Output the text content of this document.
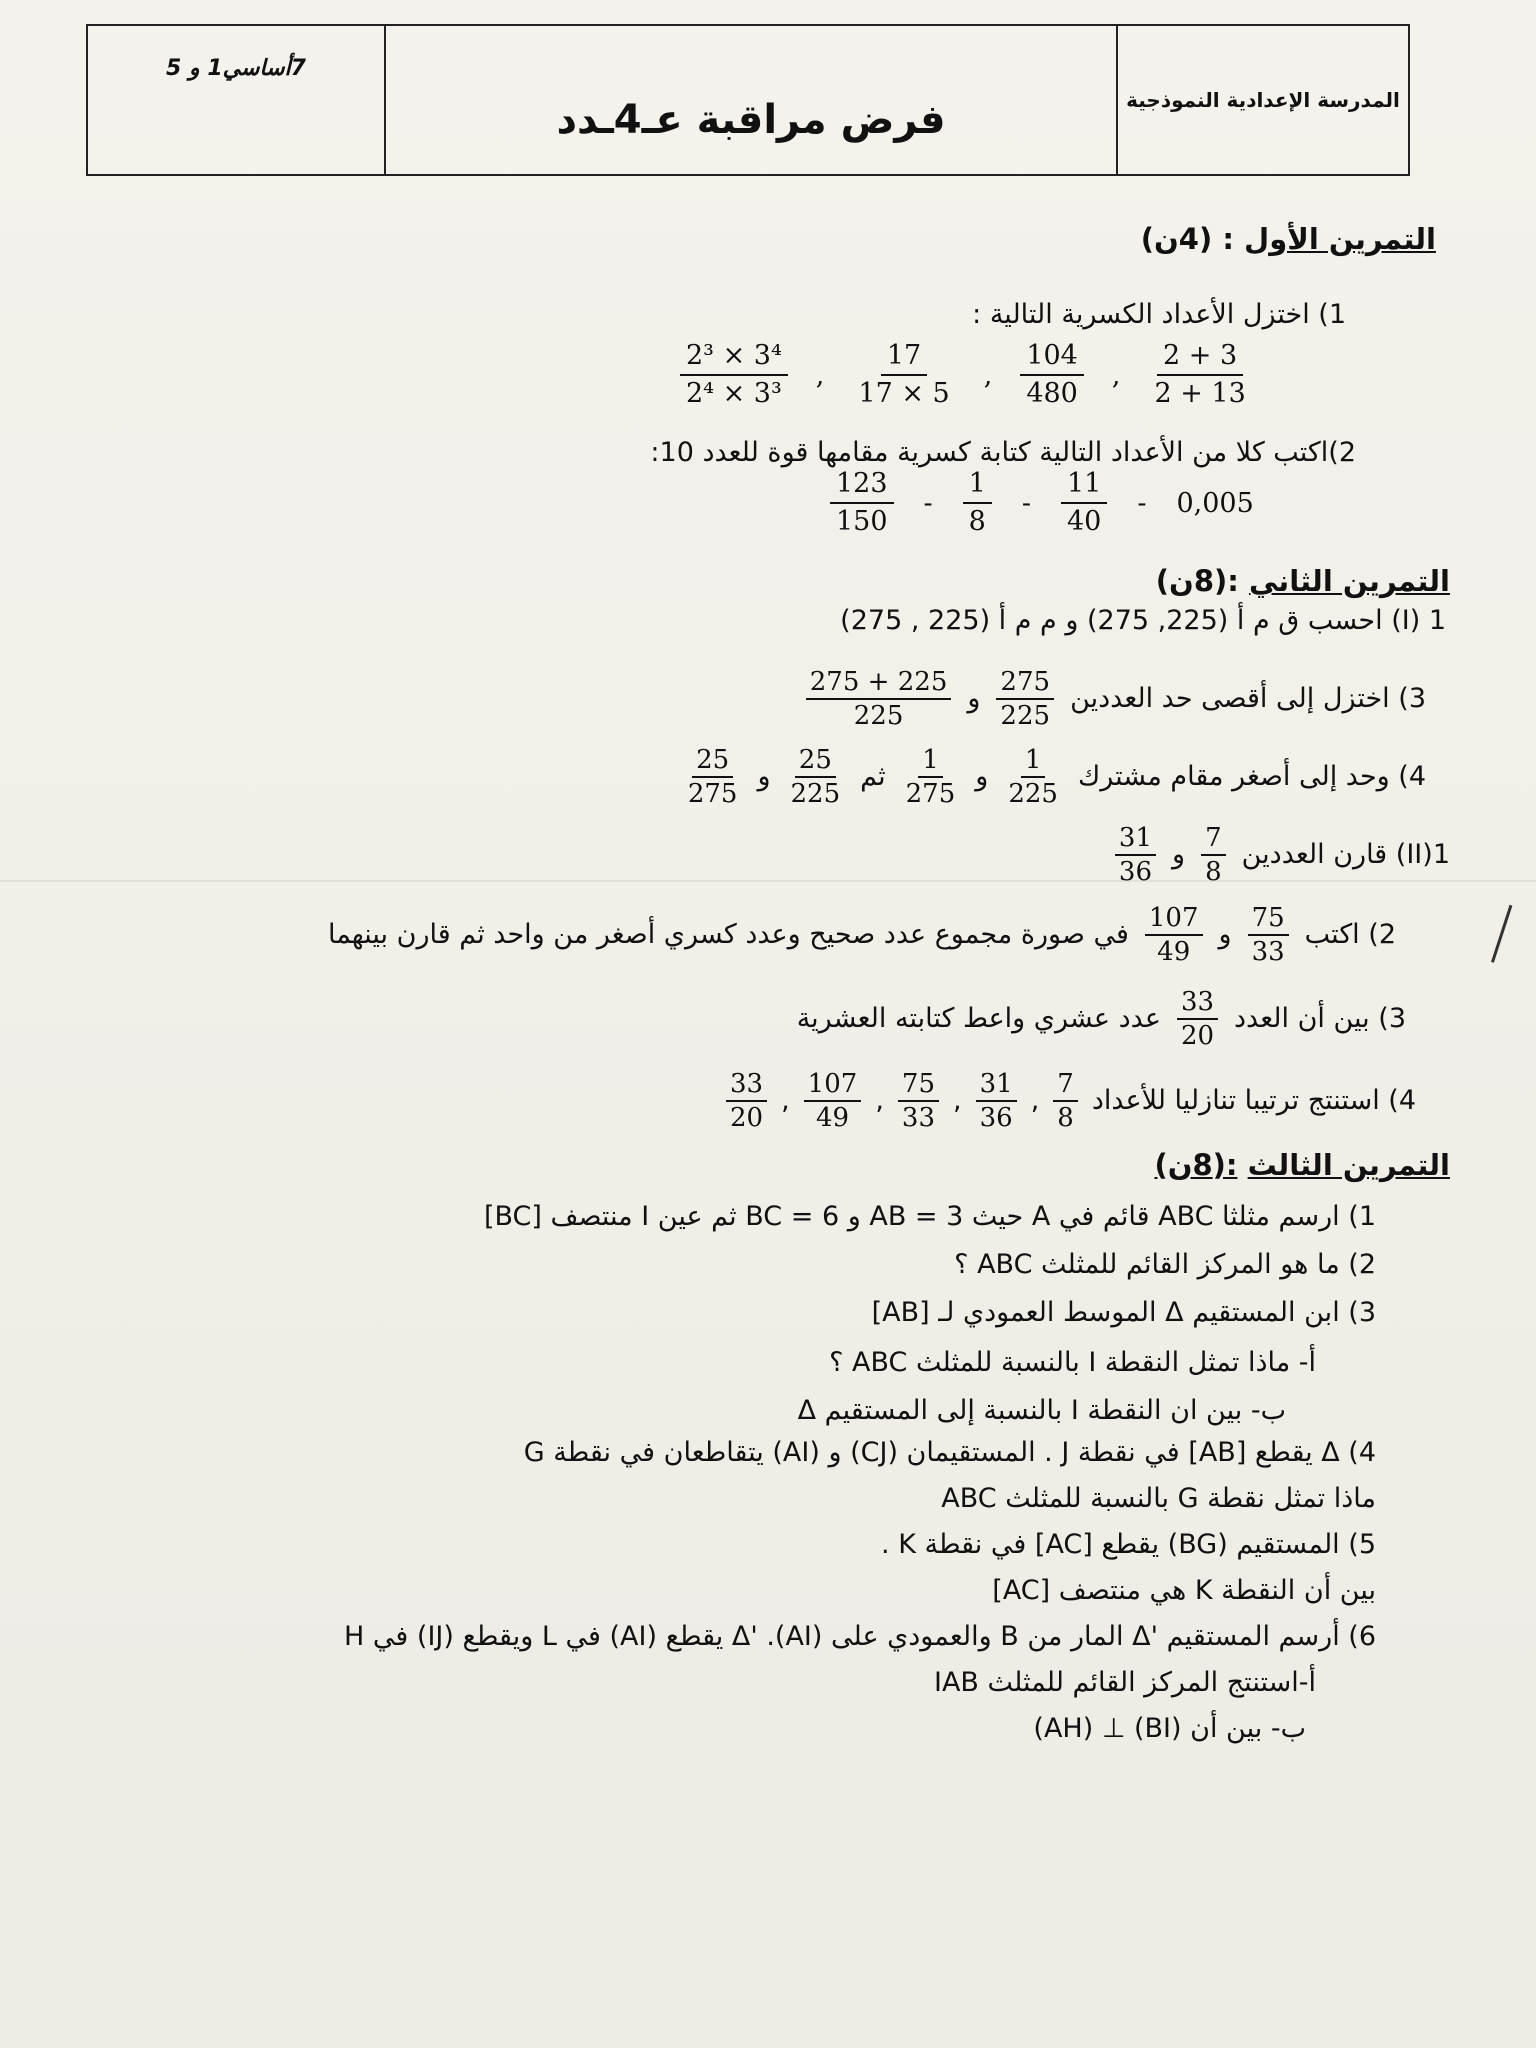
المدرسة الإعدادية النموذجية
فرض مراقبة عـ4ـدد
7أساسي1 و 5
التمرين الأول : (4ن)
1) اختزل الأعداد الكسرية التالية :
$\frac{\text{2³ × 3⁴}}{\text{2⁴ × 3³}}$ , $\frac{17}{17 \times 5}$ , $\frac{104}{480}$ , $\frac{2 + 3}{2 + 13}$
2)اكتب كلا من الأعداد التالية كتابة كسرية مقامها قوة للعدد 10:
$\frac{123}{150} - \frac{1}{8} - \frac{11}{40} - 0,005$
التمرين الثاني :(8ن)
I) 1) احسب ق م أ (225, 275) و م م أ (225 , 275)
3) اختزل إلى أقصى حد العددين
$\frac{275}{225}$
و
$\frac{225 + 275}{225}$
4) وحد إلى أصغر مقام مشترك
$\frac{1}{225}$
و
$\frac{1}{275}$
ثم
$\frac{25}{225}$
و
$\frac{25}{275}$
1(II) قارن العددين
$\frac{7}{8}$
و
$\frac{31}{36}$
2) اكتب
$\frac{75}{33}$
و
$\frac{107}{49}$
في صورة مجموع عدد صحيح وعدد كسري أصغر من واحد ثم قارن بينهما
3) بين أن العدد
$\frac{33}{20}$
عدد عشري واعط كتابته العشرية
4) استنتج ترتيبا تنازليا للأعداد
$\frac{7}{8}$
,
$\frac{31}{36}$
,
$\frac{75}{33}$
,
$\frac{107}{49}$
,
$\frac{33}{20}$
التمرين الثالث :(8ن)
1) ارسم مثلثا ABC قائم في A حيث AB = 3 و BC = 6 ثم عين I منتصف [BC]
2) ما هو المركز القائم للمثلث ABC ؟
3) ابن المستقيم Δ الموسط العمودي لـ [AB]
أ- ماذا تمثل النقطة I بالنسبة للمثلث ABC ؟
ب- بين ان النقطة I بالنسبة إلى المستقيم Δ
4) Δ يقطع [AB] في نقطة J . المستقيمان (CJ) و (AI) يتقاطعان في نقطة G
ماذا تمثل نقطة G بالنسبة للمثلث ABC
5) المستقيم (BG) يقطع [AC] في نقطة K .
بين أن النقطة K هي منتصف [AC]
6) أرسم المستقيم 'Δ المار من B والعمودي على (AI). 'Δ يقطع (AI) في L ويقطع (IJ) في H
أ-استنتج المركز القائم للمثلث IAB
ب- بين أن (BI) ⊥ (AH)
